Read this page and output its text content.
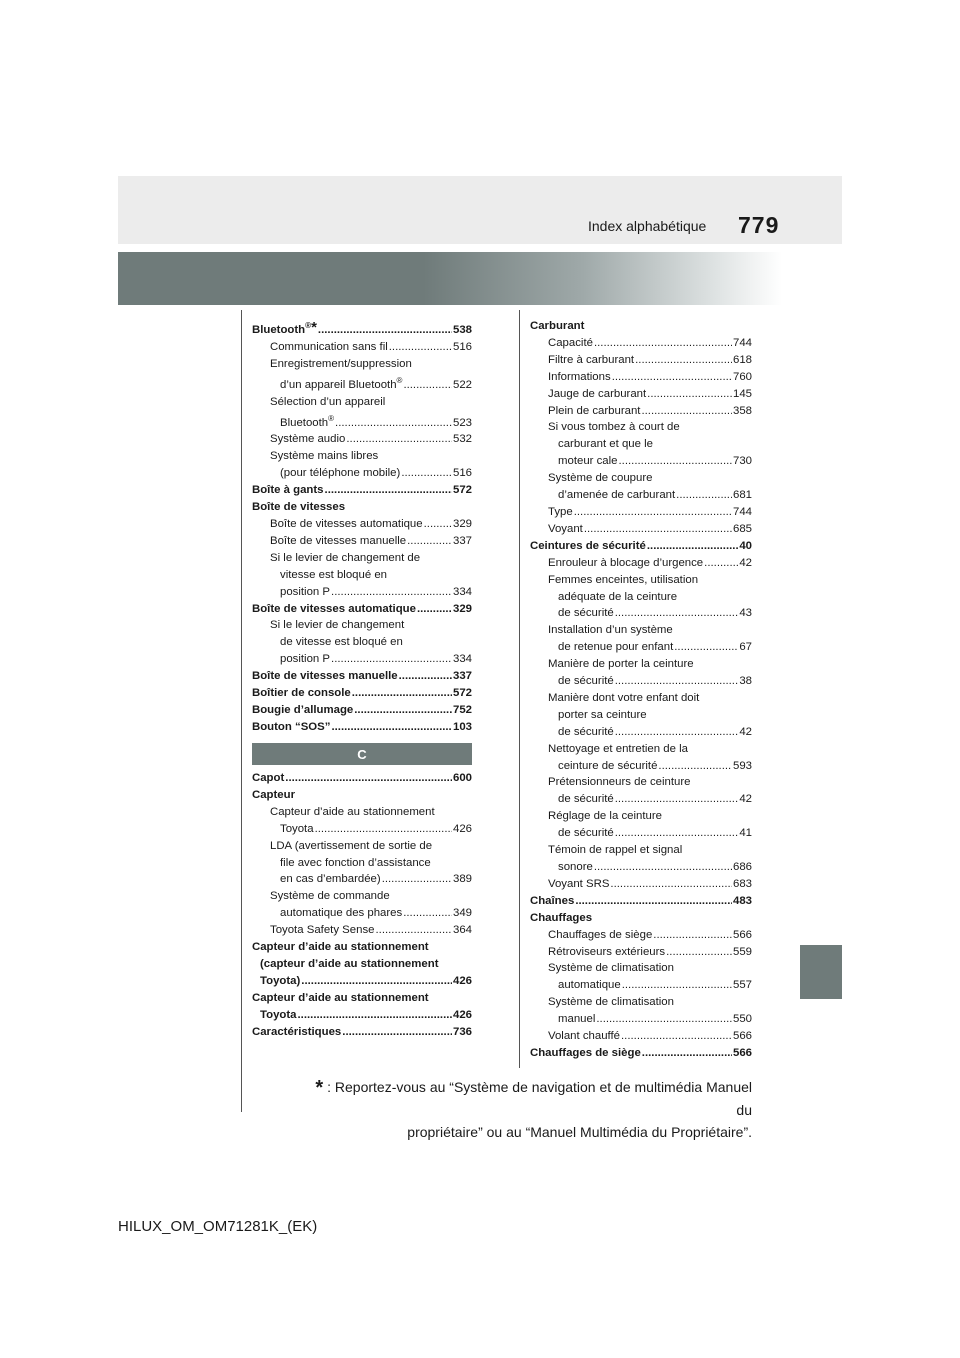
Index alphabétique 779
Bluetooth®* .....	538
Communication sans fil .....	516
Enregistrement/suppression
d’un appareil Bluetooth® .....	522
Sélection d’un appareil
Bluetooth® .....	523
Système audio .....	532
Système mains libres
(pour téléphone mobile) .....	516
Boîte à gants .....	572
Boîte de vitesses
Boîte de vitesses automatique .....	329
Boîte de vitesses manuelle .....	337
Si le levier de changement de
vitesse est bloqué en
position P .....	334
Boîte de vitesses automatique .....	329
Si le levier de changement
de vitesse est bloqué en
position P .....	334
Boîte de vitesses manuelle .....	337
Boîtier de console .....	572
Bougie d’allumage .....	752
Bouton “SOS” .....	103
C
Capot .....	600
Capteur
Capteur d’aide au stationnement
Toyota .....	426
LDA (avertissement de sortie de
file avec fonction d’assistance
en cas d’embardée) .....	389
Système de commande
automatique des phares .....	349
Toyota Safety Sense .....	364
Capteur d’aide au stationnement
(capteur d’aide au stationnement
Toyota) .....	426
Capteur d’aide au stationnement
Toyota .....	426
Caractéristiques .....	736
Carburant
Capacité .....	744
Filtre à carburant .....	618
Informations .....	760
Jauge de carburant .....	145
Plein de carburant .....	358
Si vous tombez à court de
carburant et que le
moteur cale .....	730
Système de coupure
d’amenée de carburant .....	681
Type .....	744
Voyant .....	685
Ceintures de sécurité .....	40
Enrouleur à blocage d’urgence .....	42
Femmes enceintes, utilisation
adéquate de la ceinture
de sécurité .....	43
Installation d’un système
de retenue pour enfant .....	67
Manière de porter la ceinture
de sécurité .....	38
Manière dont votre enfant doit
porter sa ceinture
de sécurité .....	42
Nettoyage et entretien de la
ceinture de sécurité .....	593
Prétensionneurs de ceinture
de sécurité .....	42
Réglage de la ceinture
de sécurité .....	41
Témoin de rappel et signal
sonore .....	686
Voyant SRS .....	683
Chaînes .....	483
Chauffages
Chauffages de siège .....	566
Rétroviseurs extérieurs .....	559
Système de climatisation
automatique .....	557
Système de climatisation
manuel .....	550
Volant chauffé .....	566
Chauffages de siège .....	566
* : Reportez-vous au “Système de navigation et de multimédia Manuel du
propriétaire” ou au “Manuel Multimédia du Propriétaire”.
HILUX_OM_OM71281K_(EK)
